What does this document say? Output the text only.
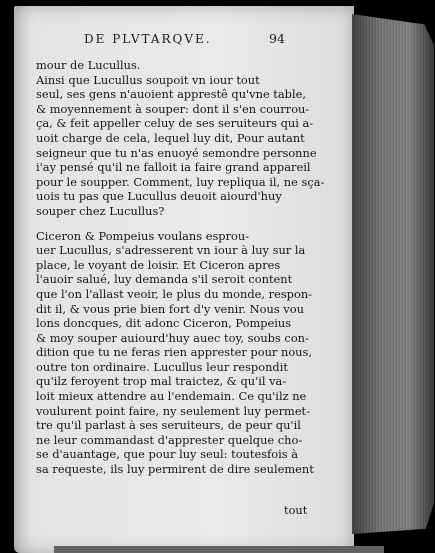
DE PLVTARQVE.	94
mour de Lucullus.
Ainsi que Lucullus soupoit vn iour tout
seul, ses gens n'auoient apprestê qu'vne table,
& moyennement à souper: dont il s'en courrou-
ça, & feit appeller celuy de ses seruiteurs qui a-
uoit charge de cela, lequel luy dit, Pour autant
seigneur que tu n'as enuoyé semondre personne
i'ay pensé qu'il ne falloit ia faire grand appareil
pour le soupper. Comment, luy repliqua il, ne sça-
uois tu pas que Lucullus deuoit aiourd'huy
souper chez Lucullus?
Ciceron & Pompeius voulans esprou-
uer Lucullus, s'adresserent vn iour à luy sur la
place, le voyant de loisir. Et Ciceron apres
l'auoir salué, luy demanda s'il seroit content
que l'on l'allast veoir, le plus du monde, respon-
dit il, & vous prie bien fort d'y venir. Nous vou
lons doncques, dit adonc Ciceron, Pompeius
& moy souper auiourd'huy auec toy, soubs con-
dition que tu ne feras rien apprester pour nous,
outre ton ordinaire. Lucullus leur respondit
qu'ilz feroyent trop mal traictez, & qu'il va-
loit mieux attendre au l'endemain. Ce qu'ilz ne
voulurent point faire, ny seulement luy permet-
tre qu'il parlast à ses seruiteurs, de peur qu'il
ne leur commandast d'apprester quelque cho-
se d'auantage, que pour luy seul: toutesfois à
sa requeste, ils luy permirent de dire seulement
tout
